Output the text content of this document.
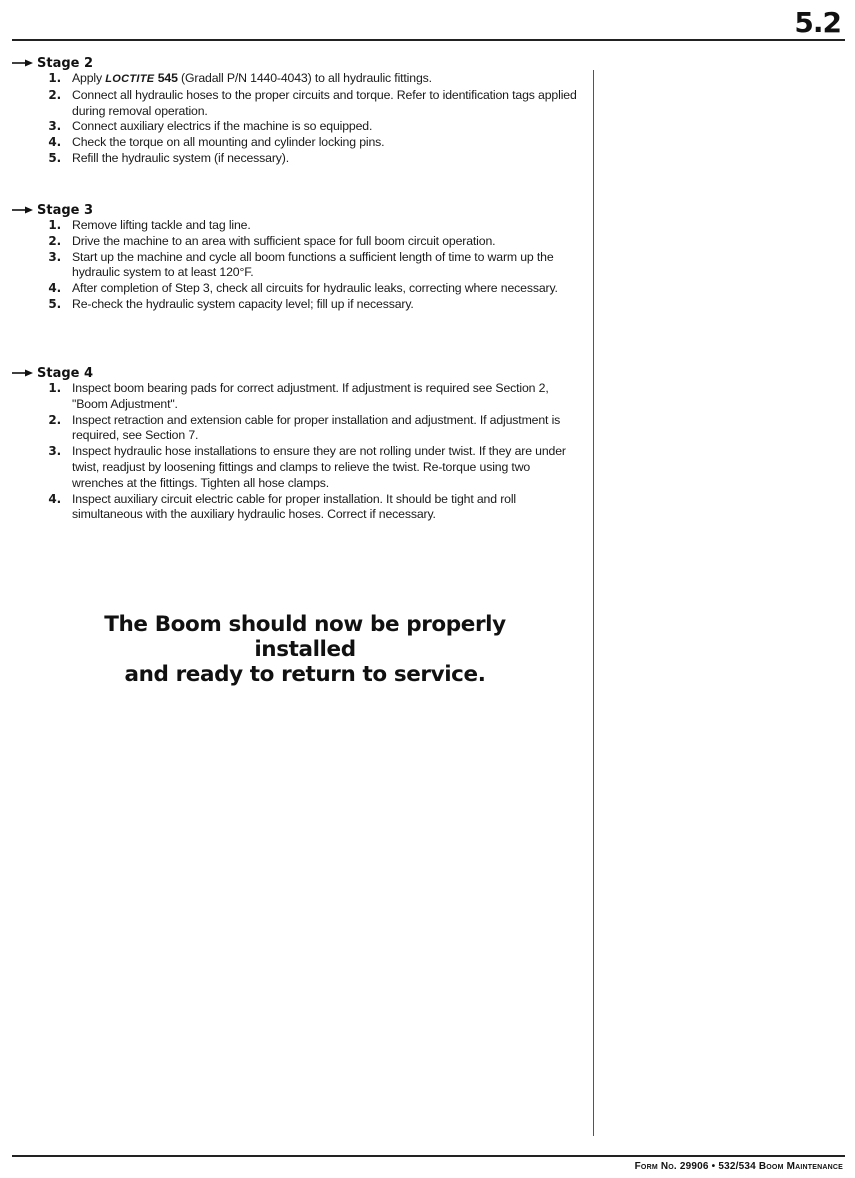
5.2
Stage 2
1. Apply LOCTITE 545 (Gradall P/N 1440-4043) to all hydraulic fittings.
2. Connect all hydraulic hoses to the proper circuits and torque. Refer to identification tags applied during removal operation.
3. Connect auxiliary electrics if the machine is so equipped.
4. Check the torque on all mounting and cylinder locking pins.
5. Refill the hydraulic system (if necessary).
Stage 3
1. Remove lifting tackle and tag line.
2. Drive the machine to an area with sufficient space for full boom circuit operation.
3. Start up the machine and cycle all boom functions a sufficient length of time to warm up the hydraulic system to at least 120°F.
4. After completion of Step 3, check all circuits for hydraulic leaks, correcting where necessary.
5. Re-check the hydraulic system capacity level; fill up if necessary.
Stage 4
1. Inspect boom bearing pads for correct adjustment. If adjustment is required see Section 2, "Boom Adjustment".
2. Inspect retraction and extension cable for proper installation and adjustment. If adjustment is required, see Section 7.
3. Inspect hydraulic hose installations to ensure they are not rolling under twist. If they are under twist, readjust by loosening fittings and clamps to relieve the twist. Re-torque using two wrenches at the fittings. Tighten all hose clamps.
4. Inspect auxiliary circuit electric cable for proper installation. It should be tight and roll simultaneous with the auxiliary hydraulic hoses. Correct if necessary.
The Boom should now be properly installed
and ready to return to service.
Form No. 29906 • 532/534 Boom Maintenance
